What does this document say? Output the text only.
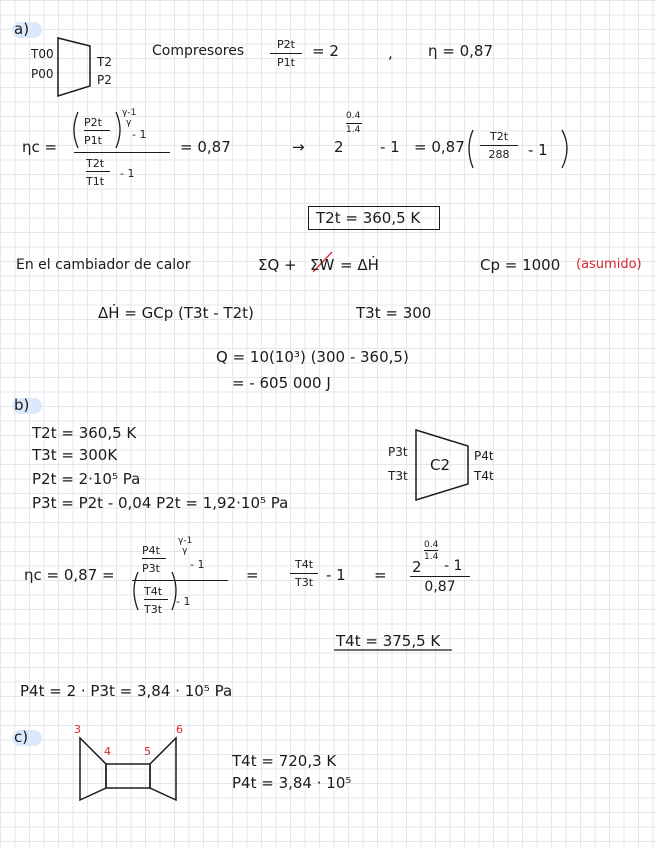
a)
T00
P00
T2
P2
Compresores	P2t
P1t
= 2	, η = 0,87
ηc =
P2t
P1t
γ-1
γ
- 1
T2t
T1t
- 1
= 0,87	→ 2
0.4
1.4
- 1 = 0,87
T2t
288	- 1
T2t = 360,5 K
En el cambiador de calor	ΣQ + ΣW = ΔḢ	Cp = 1000 (asumido)
ΔḢ = GCp (T3t - T2t)	T3t = 300
Q = 10(10³) (300 - 360,5)
= - 605 000 J
b)
T2t = 360,5 K
T3t = 300K
P2t = 2·10⁵ Pa
P3t = P2t - 0,04 P2t = 1,92·10⁵ Pa
P3t
T3t
C2 P4t
T4t
ηc = 0,87 =
P4t
P3t
γ-1
γ
- 1
T4t
T3t
- 1
=
T4t
T3t - 1 = 2
0.4
1.4
- 1
0,87
T4t = 375,5 K
P4t = 2 · P3t = 3,84 · 10⁵ Pa
c)	3
4	5
6
T4t = 720,3 K
P4t = 3,84 · 10⁵
